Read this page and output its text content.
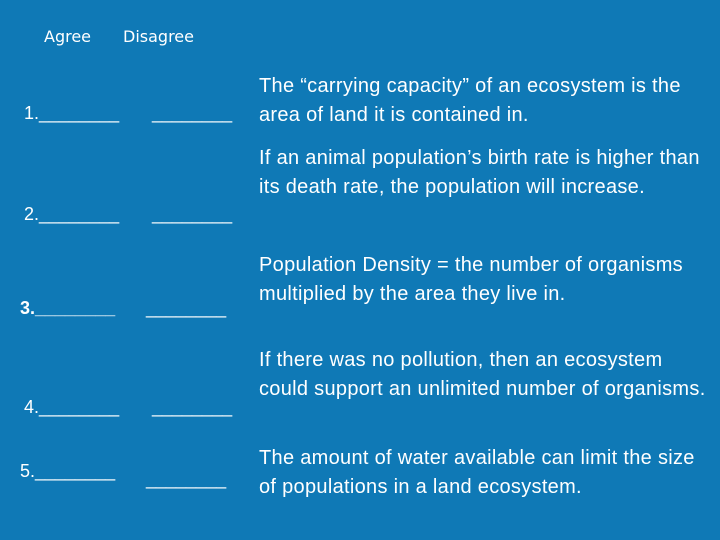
Agree Disagree
1.________ ________
The “carrying capacity” of an ecosystem is the area of land it is contained in.
2.________ ________
If an animal population’s birth rate is higher than its death rate, the population will increase.
3.________ ________
Population Density = the number of organisms multiplied by the area they live in.
4.________ ________
If there was no pollution, then an ecosystem could support an unlimited number of organisms.
5.________ ________
The amount of water available can limit the size of populations in a land ecosystem.
